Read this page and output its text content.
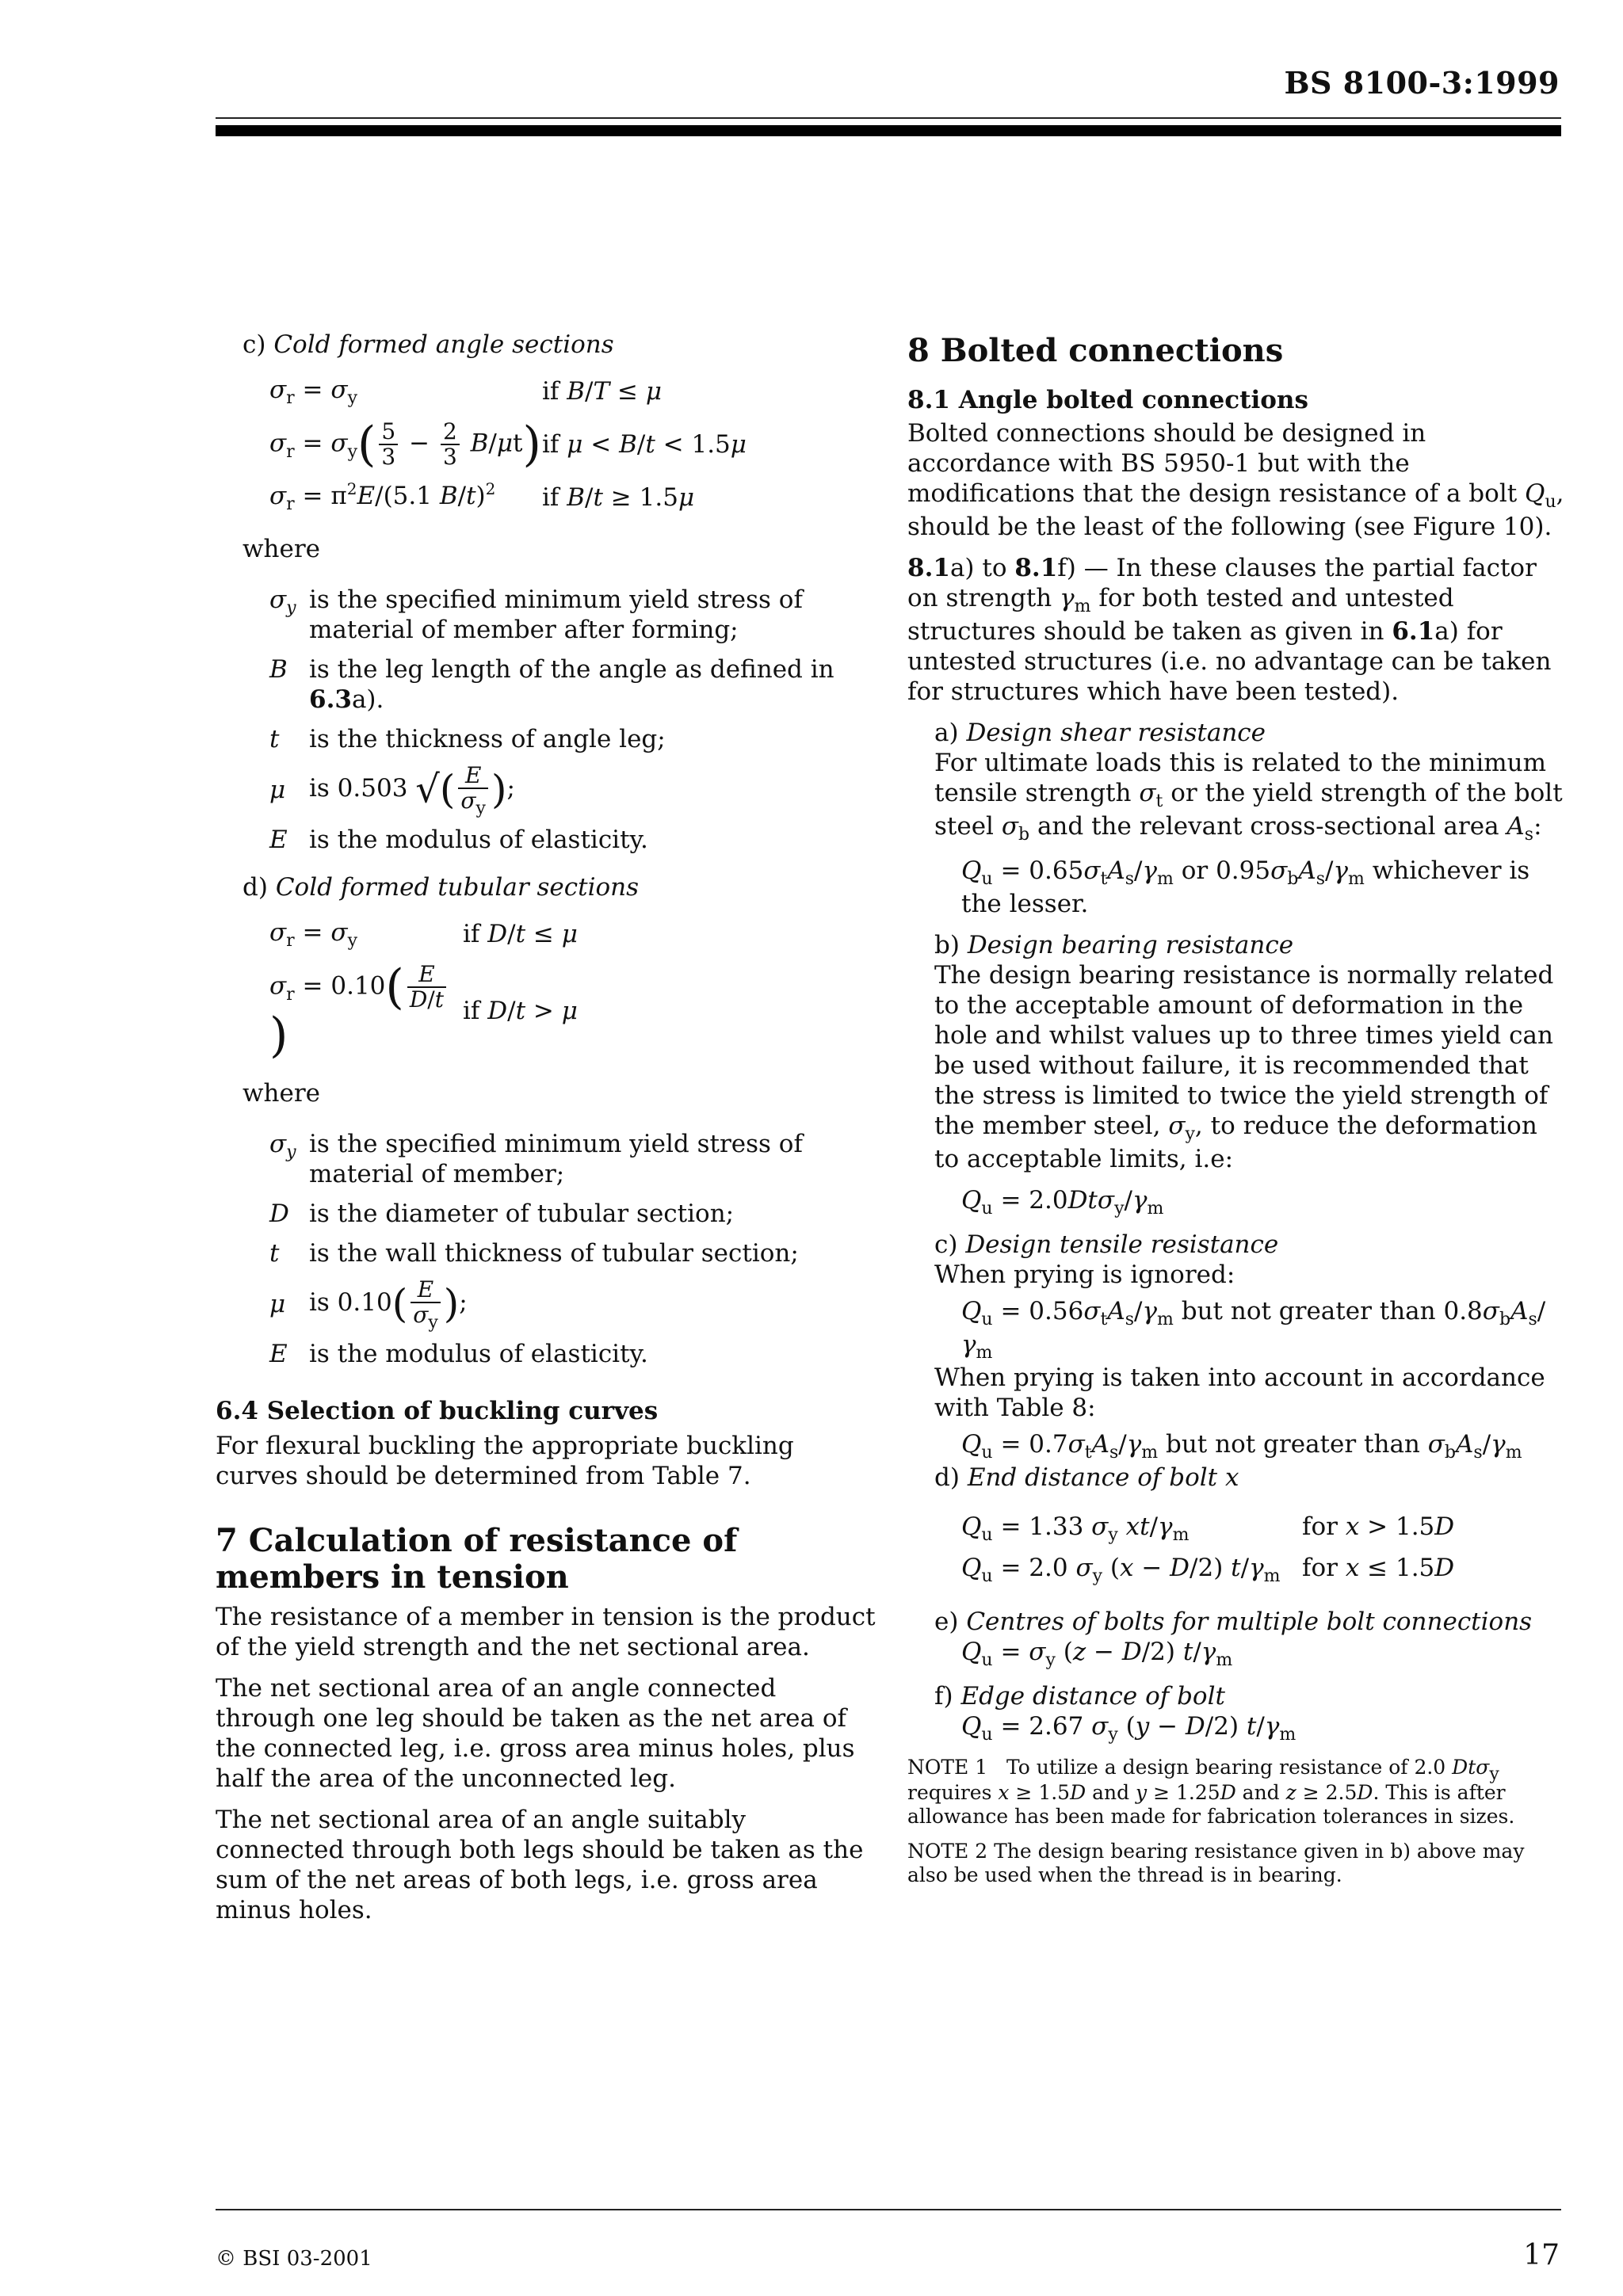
BS 8100-3:1999

c) Cold formed angle sections

$\sigma_r = \sigma_y$	if B/T ≤ μ
$\sigma_r = \sigma_y( \frac{5}{3} - \frac{2}{3} B/\mu t)$ if μ < B/t < 1.5μ
$\sigma_r = \pi^2E/(5.1$ B/t)$^2$	if B/t ≥ 1.5μ

where

$\sigma_y$ is the specified minimum yield stress of material of member after forming;
B is the leg length of the angle as defined in 6.3a).
t	is the thickness of angle leg;
μ is 0.503 √( $\frac{E}{\sigma_y}$ );
E is the modulus of elasticity.

d) Cold formed tubular sections

$\sigma_r = \sigma_y$	if D/t ≤ μ
$\sigma_r = 0.10( \frac{E}{D/t}$
)	if D/t > μ

where

$\sigma_y$ is the specified minimum yield stress of material of member;
D is the diameter of tubular section;
t	is the wall thickness of tubular section;
μ is $0.10( \frac{E}{\sigma_y}$ );
E is the modulus of elasticity.

6.4 Selection of buckling curves

For flexural buckling the appropriate buckling curves should be determined from Table 7.

7 Calculation of resistance of members in tension

The resistance of a member in tension is the product of the yield strength and the net sectional area.

The net sectional area of an angle connected through one leg should be taken as the net area of the connected leg, i.e. gross area minus holes, plus half the area of the unconnected leg.

The net sectional area of an angle suitably connected through both legs should be taken as the sum of the net areas of both legs, i.e. gross area minus holes.

8 Bolted connections

8.1 Angle bolted connections

Bolted connections should be designed in accordance with BS 5950-1 but with the modifications that the design resistance of a bolt $Q_u$, should be the least of the following (see Figure 10).

8.1a) to 8.1f) — In these clauses the partial factor on strength $\gamma_m$ for both tested and untested structures should be taken as given in 6.1a) for untested structures (i.e. no advantage can be taken for structures which have been tested).

a) Design shear resistance

For ultimate loads this is related to the minimum tensile strength $\sigma_t$ or the yield strength of the bolt steel $\sigma_b$ and the relevant cross-sectional area $A_s$:

$Q_u = 0.65\sigma_tA_s/\gamma_m$ or $0.95\sigma_bA_s/\gamma_m$ whichever is the lesser.

b) Design bearing resistance

The design bearing resistance is normally related to the acceptable amount of deformation in the hole and whilst values up to three times yield can be used without failure, it is recommended that the stress is limited to twice the yield strength of the member steel, $\sigma_y$, to reduce the deformation to acceptable limits, i.e:

$Q_u = 2.0Dt\sigma_y/\gamma_m$

c) Design tensile resistance

When prying is ignored:

$Q_u = 0.56\sigma_tA_s/\gamma_m$ but not greater than $0.8\sigma_bA_s/\gamma_m$

When prying is taken into account in accordance with Table 8:

$Q_u = 0.7\sigma_tA_s/\gamma_m$ but not greater than $\sigma_bA_s/\gamma_m$

d) End distance of bolt x

$Q_u = 1.33$ $\sigma_y$ $xt/\gamma_m$	for x > 1.5D
$Q_u = 2.0$ $\sigma_y$ (x − D/2) $t/\gamma_m$ for x ≤ 1.5D

e) Centres of bolts for multiple bolt connections

$Q_u = \sigma_y$ (z − D/2) $t/\gamma_m$

f) Edge distance of bolt

$Q_u = 2.67$ $\sigma_y$ (y − D/2) $t/\gamma_m$

NOTE 1   To utilize a design bearing resistance of 2.0 Dtσy requires x ≥ 1.5D and y ≥ 1.25D and z ≥ 2.5D. This is after allowance has been made for fabrication tolerances in sizes.

NOTE 2 The design bearing resistance given in b) above may also be used when the thread is in bearing.

© BSI 03-2001	17
